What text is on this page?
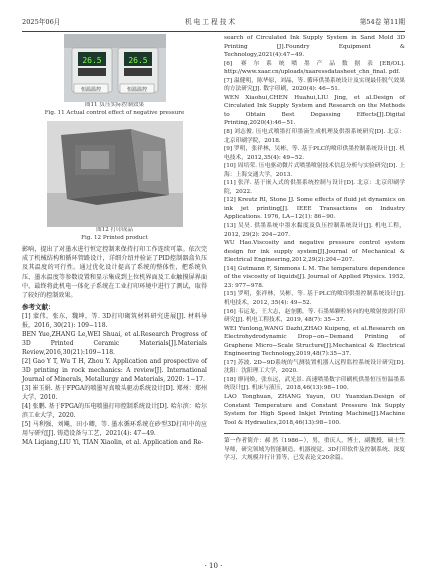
2025年06月	机 电 工 程 技 术	第54卷 第11期
26.5	26.5
恒温温控	恒温温控
图11 负压实际控制效果
Fig. 11 Actual control effect of negative pressure
图12 打印成品
Fig. 12 Printed product

影响，提出了对墨水进行恒定控制来保持打印工作连续可靠。依次完成了机械结构和循环管路设计，详细介绍并验证了PID控制器盒负压及其温度的可行性。通过优化设计提高了系统的整体性，把系统负压、墨水温度等参数设置和显示集成到上位机界面及工业触摸屏界面中，最终将此机电一体化子系统在工业打印环境中进行了测试，取得了较好的控制效果。

参考文献：

[1] 蒙伟，张东，魏坤，等. 3D打印砌筑材料研究进展[J]. 材料导报，2016, 30(21): 109−118.

BEN Yue,ZHANG Le,WEI Shuai, et al.Research Progress of 3D Printed Ceramic Materials[J].Materials Review,2016,30(21):109−118.

[2] Gao Y T, Wu T H, Zhou Y. Application and prospective of 3D printing in rock mechanics: A review[J]. International Journal of Minerals, Metallurgy and Materials, 2020: 1−17.

[3] 崔玉娟. 基于FPGA的喷墨写真喷头驱动系统设计[D]. 郑州：郑州大学，2010.

[4] 张鹏. 基于FPGA的压电喷墨打印控制系统设计[D]. 哈尔滨：哈尔滨工业大学，2020.

[5] 马利强，刘飚，田小卿，等. 墨水循环系统在砂型3D打印中的应用与研究[J]. 铸造设备与工艺，2021(4): 47−49.

MA Liqiang,LIU Yi, TIAN Xiaolin, et al. Application and Re-

search of Circulated Ink Supply System in Sand Mold 3D Printing [J].Foundry Equipment & Technology,2021(4):47−49.

[6] 赛尔系统喷墨产品数据表[EB/OL]. http://www.xaar.cn/uploads/xaaressdatasheet_chn_final. pdf.

[7] 温健明，陈华原，刘晶，等. 循环供墨系统设计及实现最佳脱气效果的方法研究[J]. 数字印刷，2020(4): 46−51.

WEN Xiaohui,CHEN Huahui,LIU Jing, et al.Design of Circulated Ink Supply System and Research on the Methods to Obtain Best Degassing Effects[J].Digital Printing,2020(4):46−51.

[8] 刘志俊. 压电式喷墨打印墨滴生成机理及供墨系统研究[D]. 北京：北京印刷学院，2018.

[9] 罗明，张祥林，吴彬，等. 基于PLC的喷印供墨控制系统设计[J]. 机电技术，2012,35(4): 49−52.

[10] 周培荣. 压电驱动微片式喷墨喷射技术信息分析与实验研究[D]. 上海：上海交通大学，2013.

[11] 张洋. 基于嵌入式的供墨系统控制与设计[D]. 北京：北京印刷学院，2022.

[12] Kreutz RI, Stone JJ. Some effects of fluid jet dynamics on ink jet printing[J]. IEEE Transactions on Industry Applications. 1976, LA−12(1): 86−90.

[13] 吴昊. 供墨系统中墨水黏度及负压控制系统设计[J]. 机电工程，2012, 29(2): 204−207.

WU Hao.Viscosity and negative pressure control system design for ink supply system[J].Journal of Mechanical & Electrical Engineering,2012,29(2):204−207.

[14] Gutmann F, Simmons L M. The temperature dependence of the viscosity of liquids[J]. Journal of Applied Physics. 1952, 23: 977−978.

[15] 罗明，张祥林，吴彬，等. 基于PLC的喷印供墨控制系统设计[J]. 机电技术，2012, 35(4): 49−52.

[16] 韦运龙，王大志，赵奎鹏，等. 石墨烯颗粒转向的电喷射按需打印研究[J]. 机电工程技术，2019, 48(7): 35−37.

WEI Yunlong,WANG Dazhi,ZHAO Kuipeng, et al.Research on Electrohydrodynamic Drop−on−Demand Printing of Graphene Micro−Scale Structure[J].Mechanical & Electrical Engineering Technology,2019,48(7):35−37.

[17] 苏波. 2D−9D系统的气测装置机器人远程监控系统设计研究[D]. 沈阳：沈阳理工大学，2020.

[18] 廖同焕，张东远，武光景. 高速喷墨数字印刷机供墨恒压恒温墨系统设计[J]. 机床与液压，2018,46(13):98−100.

LAO Tonghuan, ZHANG Yayun, OU Yuanxian.Design of Constant Temperature and Constant Pressure Ink Supply System for High Speed Inkjet Printing Machine[J].Machine Tool & Hydraulics,2018,46(13):98−100.

第一作者简介：郝 然（1986−），男，重庆人，博士，副教授，硕士生导师，研究领域为智能制造、机器视觉、3D打印软件及控制系统、深度学习、大规模并行计算等，已发表论文20余篇。

· 10 ·
